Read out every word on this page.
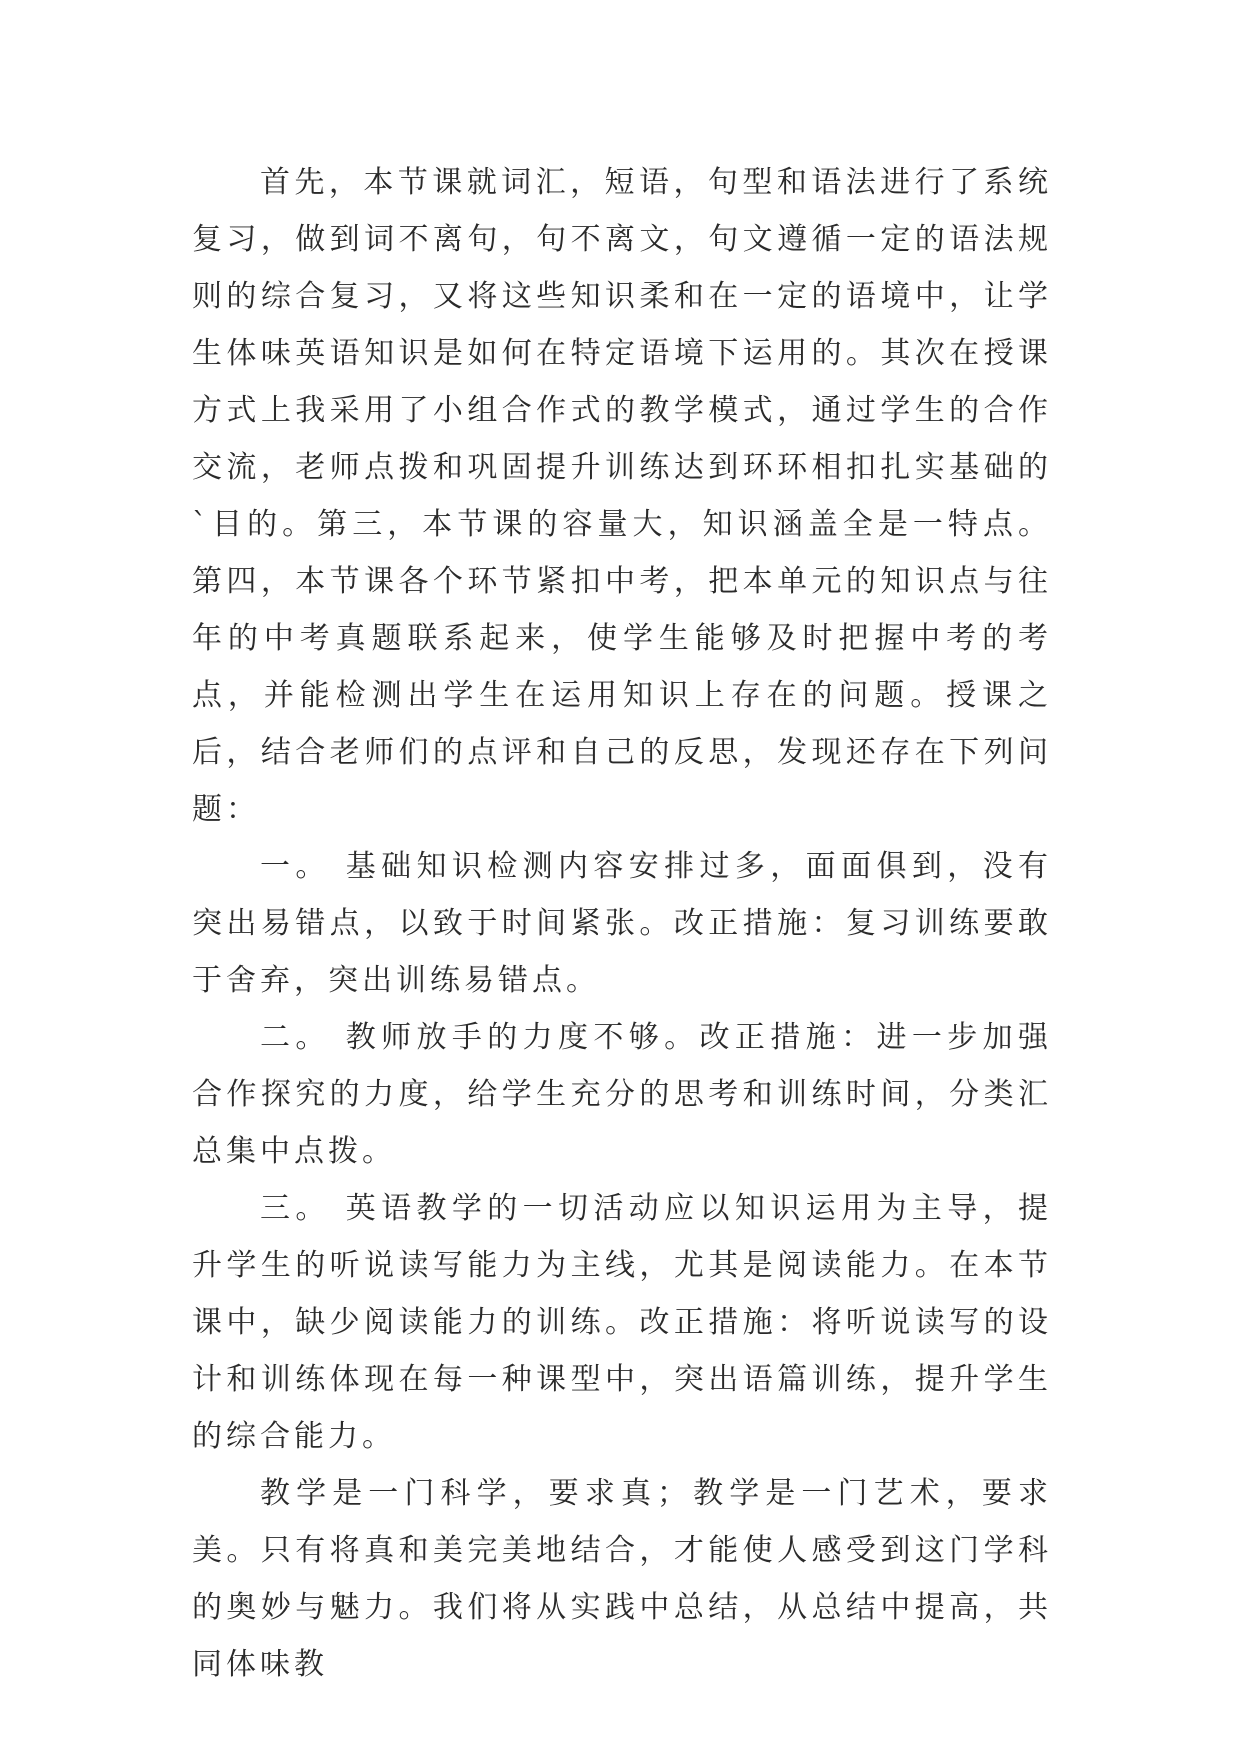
首先，本节课就词汇，短语，句型和语法进行了系统复习，做到词不离句，句不离文，句文遵循一定的语法规则的综合复习，又将这些知识柔和在一定的语境中，让学生体味英语知识是如何在特定语境下运用的。其次在授课方式上我采用了小组合作式的教学模式，通过学生的合作交流，老师点拨和巩固提升训练达到环环相扣扎实基础的`目的。第三，本节课的容量大，知识涵盖全是一特点。第四，本节课各个环节紧扣中考，把本单元的知识点与往年的中考真题联系起来，使学生能够及时把握中考的考点，并能检测出学生在运用知识上存在的问题。授课之后，结合老师们的点评和自己的反思，发现还存在下列问题：

一。 基础知识检测内容安排过多，面面俱到，没有突出易错点，以致于时间紧张。改正措施：复习训练要敢于舍弃，突出训练易错点。

二。 教师放手的力度不够。改正措施：进一步加强合作探究的力度，给学生充分的思考和训练时间，分类汇总集中点拨。

三。 英语教学的一切活动应以知识运用为主导，提升学生的听说读写能力为主线，尤其是阅读能力。在本节课中，缺少阅读能力的训练。改正措施：将听说读写的设计和训练体现在每一种课型中，突出语篇训练，提升学生的综合能力。

教学是一门科学，要求真；教学是一门艺术，要求美。只有将真和美完美地结合，才能使人感受到这门学科的奥妙与魅力。我们将从实践中总结，从总结中提高，共同体味教
